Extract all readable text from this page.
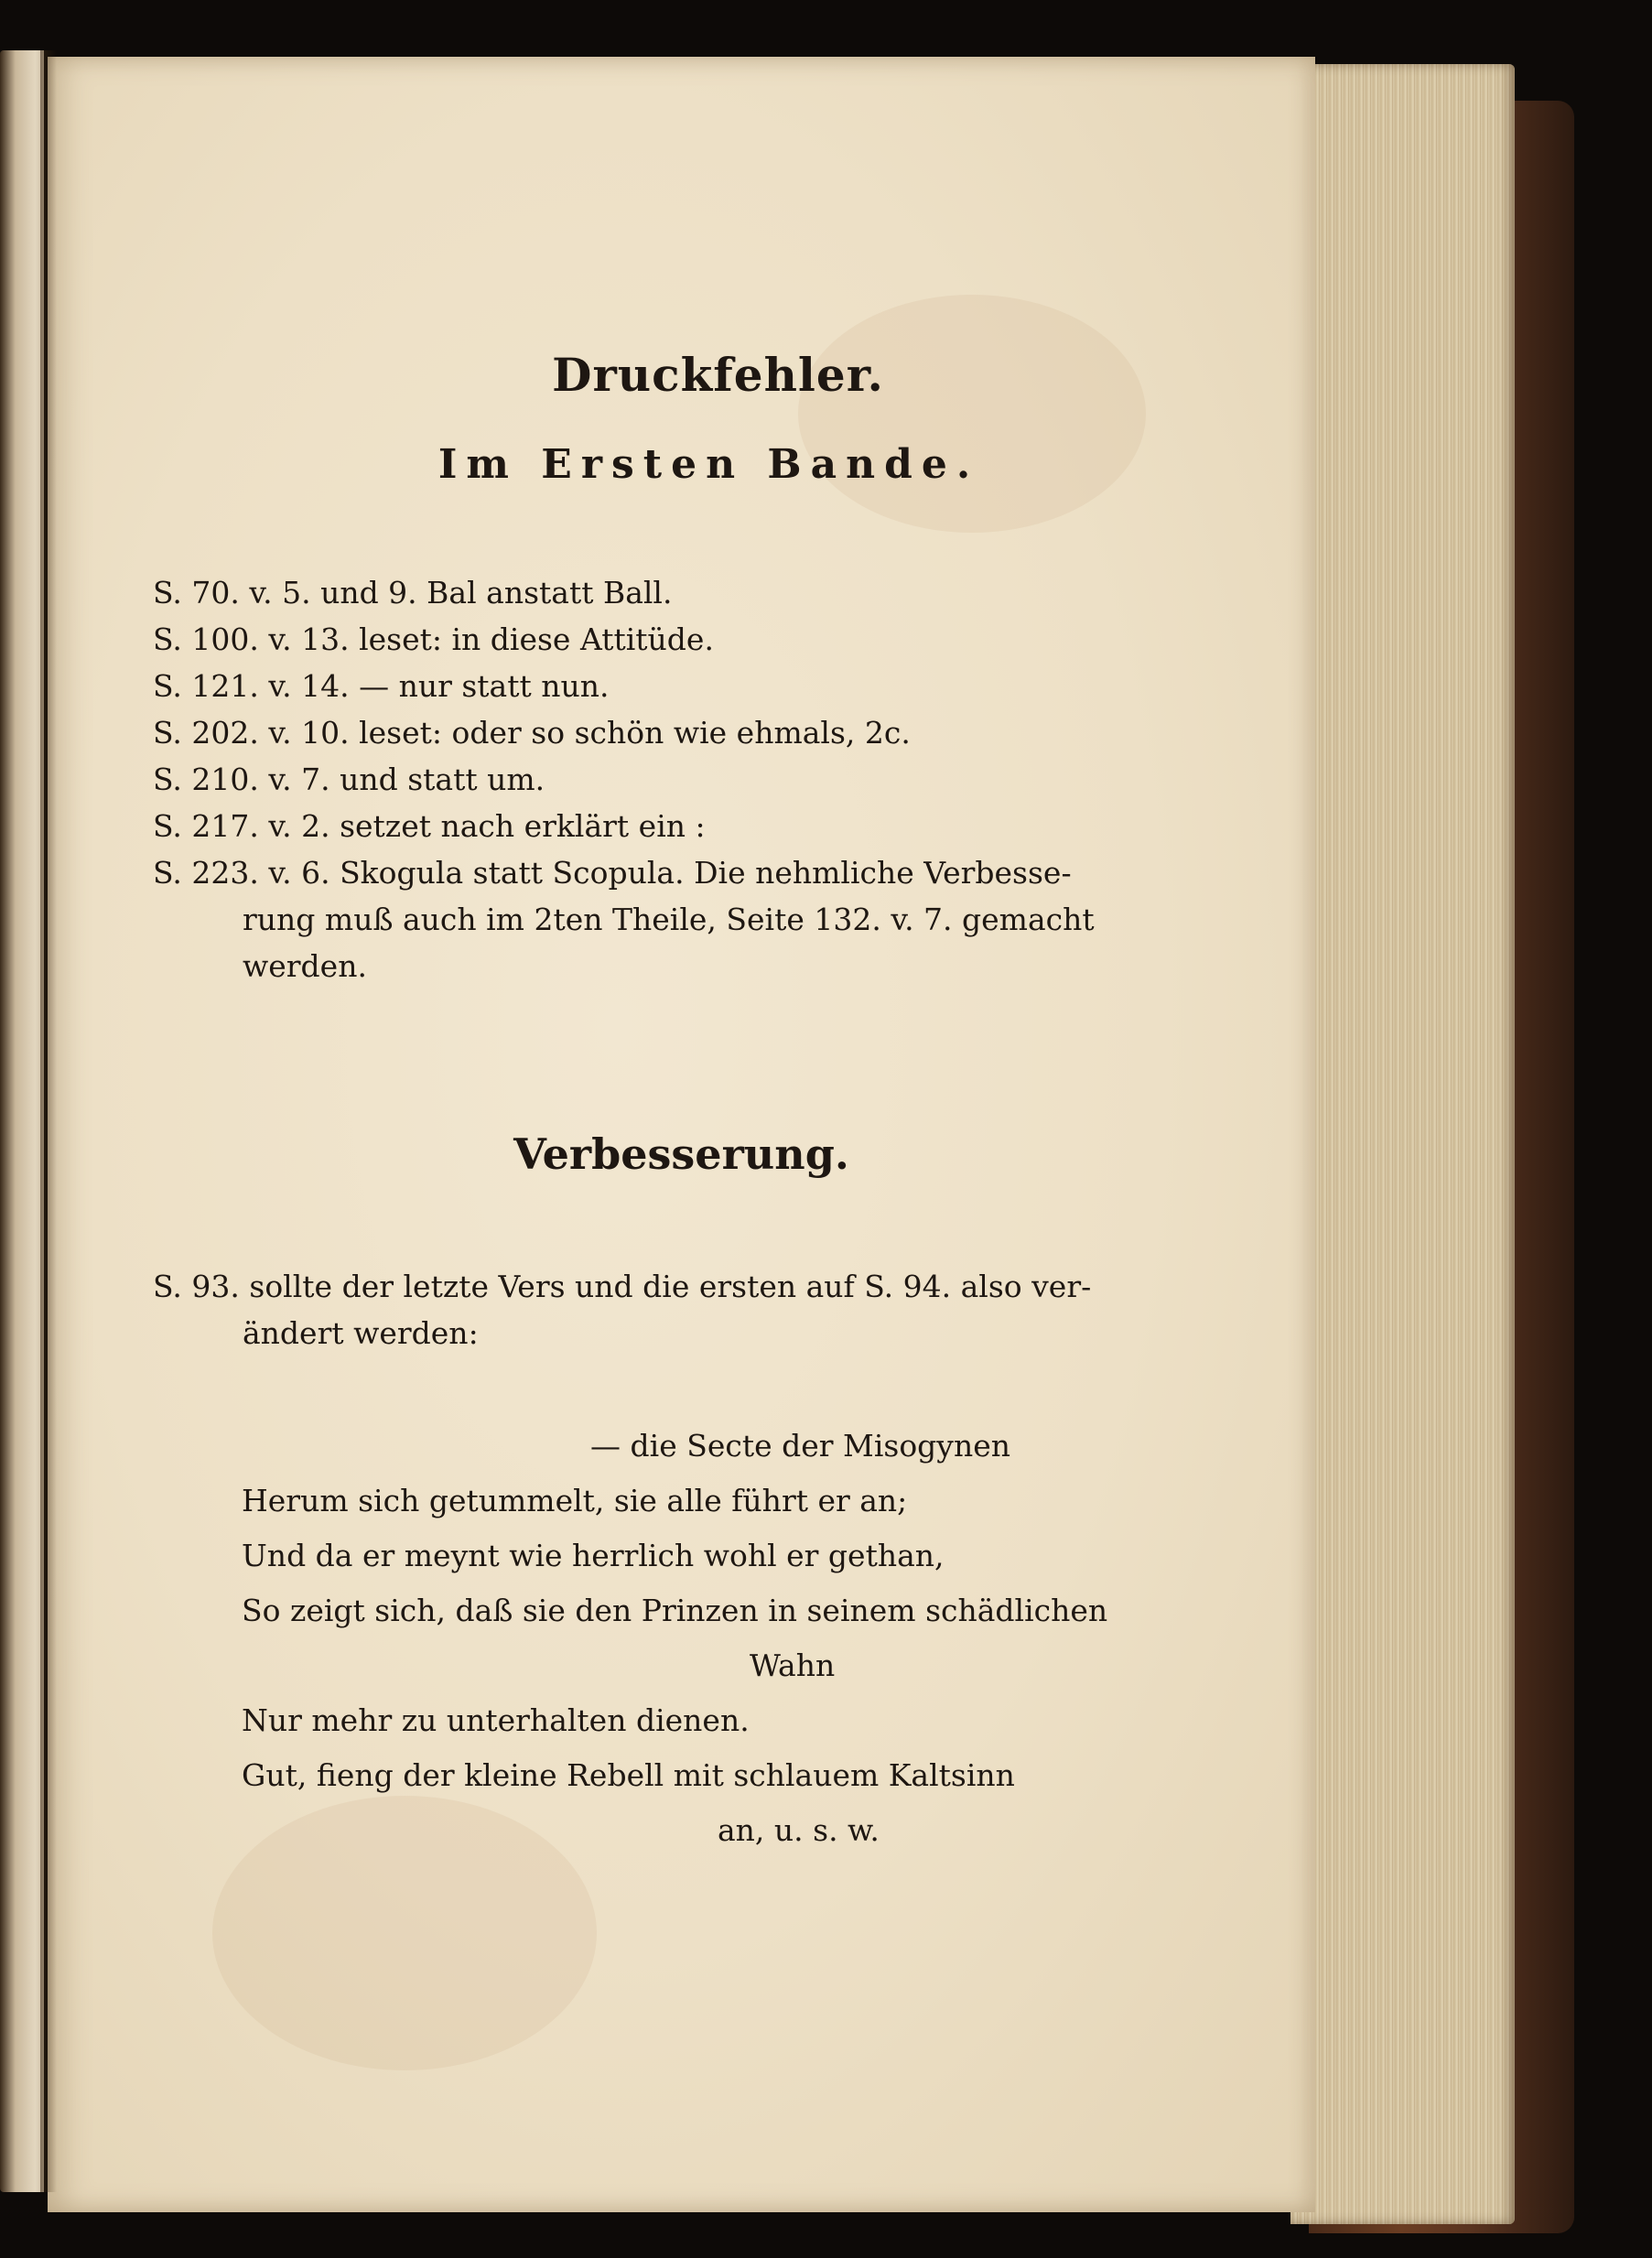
Druckfehler.
Im Ersten Bande.
S. 70. v. 5. und 9. Bal anstatt Ball.
S. 100. v. 13. leset: in diese Attitüde.
S. 121. v. 14. — nur statt nun.
S. 202. v. 10. leset: oder so schön wie ehmals, 2c.
S. 210. v. 7. und statt um.
S. 217. v. 2. setzet nach erklärt ein :
S. 223. v. 6. Skogula statt Scopula. Die nehmliche Verbesse-
rung muß auch im 2ten Theile, Seite 132. v. 7. gemacht
werden.
Verbesserung.
S. 93. sollte der letzte Vers und die ersten auf S. 94. also ver-
ändert werden:
— die Secte der Misogynen
Herum sich getummelt, sie alle führt er an;
Und da er meynt wie herrlich wohl er gethan,
So zeigt sich, daß sie den Prinzen in seinem schädlichen
Wahn
Nur mehr zu unterhalten dienen.
Gut, fieng der kleine Rebell mit schlauem Kaltsinn
an, u. s. w.
